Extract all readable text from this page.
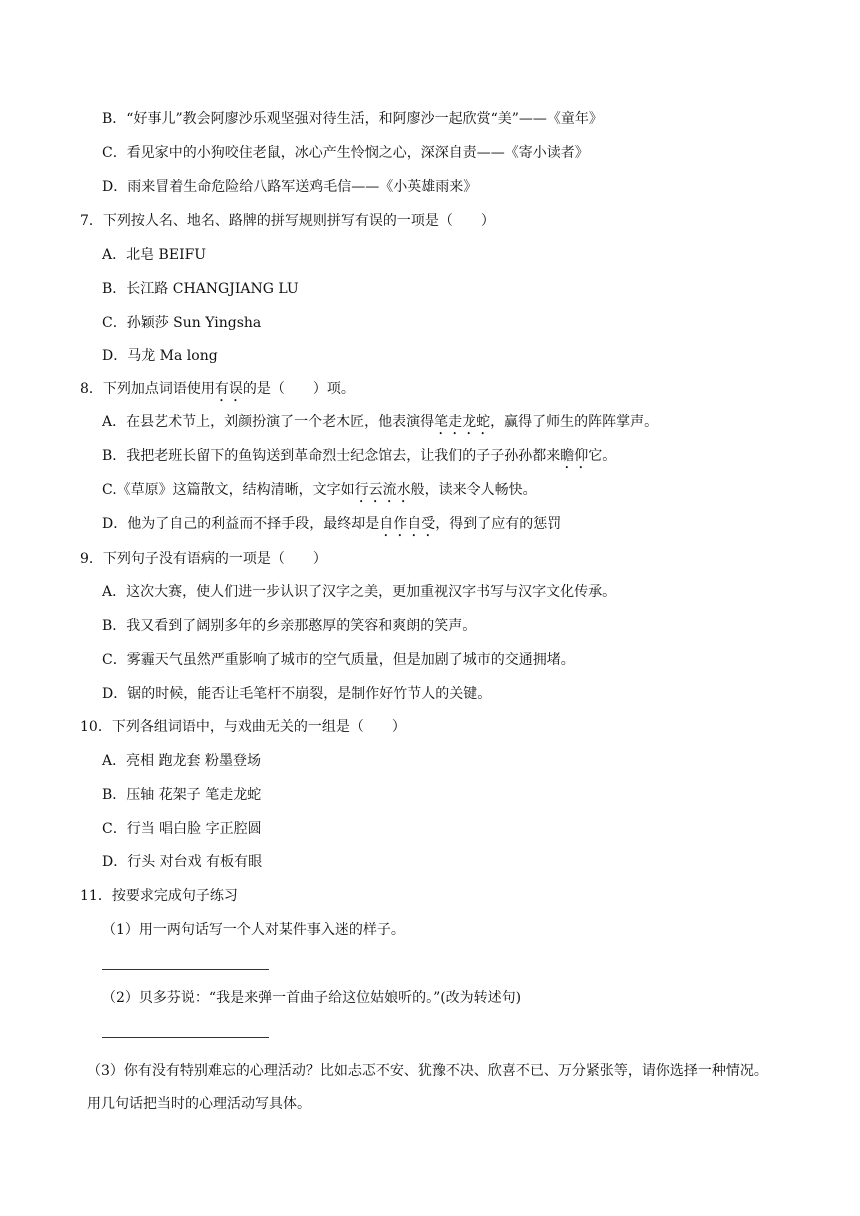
B．“好事儿”教会阿廖沙乐观坚强对待生活，和阿廖沙一起欣赏“美”——《童年》
C．看见家中的小狗咬住老鼠，冰心产生怜悯之心，深深自责——《寄小读者》
D．雨来冒着生命危险给八路军送鸡毛信——《小英雄雨来》
7．下列按人名、地名、路牌的拼写规则拼写有误的一项是（　　）
A．北皂 BEIFU
B．长江路 CHANGJIANG LU
C．孙颖莎 Sun Yingsha
D．马龙 Ma long
8．下列加点词语使用有误的是（　　）项。
A．在县艺术节上，刘颜扮演了一个老木匠，他表演得笔走龙蛇，赢得了师生的阵阵掌声。
B．我把老班长留下的鱼钩送到革命烈士纪念馆去，让我们的子子孙孙都来瞻仰它。
C.《草原》这篇散文，结构清晰，文字如行云流水般，读来令人畅快。
D．他为了自己的利益而不择手段，最终却是自作自受，得到了应有的惩罚
9．下列句子没有语病的一项是（　　）
A．这次大赛，使人们进一步认识了汉字之美，更加重视汉字书写与汉字文化传承。
B．我又看到了阔别多年的乡亲那憨厚的笑容和爽朗的笑声。
C．雾霾天气虽然严重影响了城市的空气质量，但是加剧了城市的交通拥堵。
D．锯的时候，能否让毛笔杆不崩裂，是制作好竹节人的关键。
10．下列各组词语中，与戏曲无关的一组是（　　）
A．亮相 跑龙套 粉墨登场
B．压轴 花架子 笔走龙蛇
C．行当 唱白脸 字正腔圆
D．行头 对台戏 有板有眼
11．按要求完成句子练习
（1）用一两句话写一个人对某件事入迷的样子。
（2）贝多芬说：“我是来弹一首曲子给这位姑娘听的。”(改为转述句)
（3）你有没有特别难忘的心理活动？比如忐忑不安、犹豫不决、欣喜不已、万分紧张等，请你选择一种情况。用几句话把当时的心理活动写具体。
